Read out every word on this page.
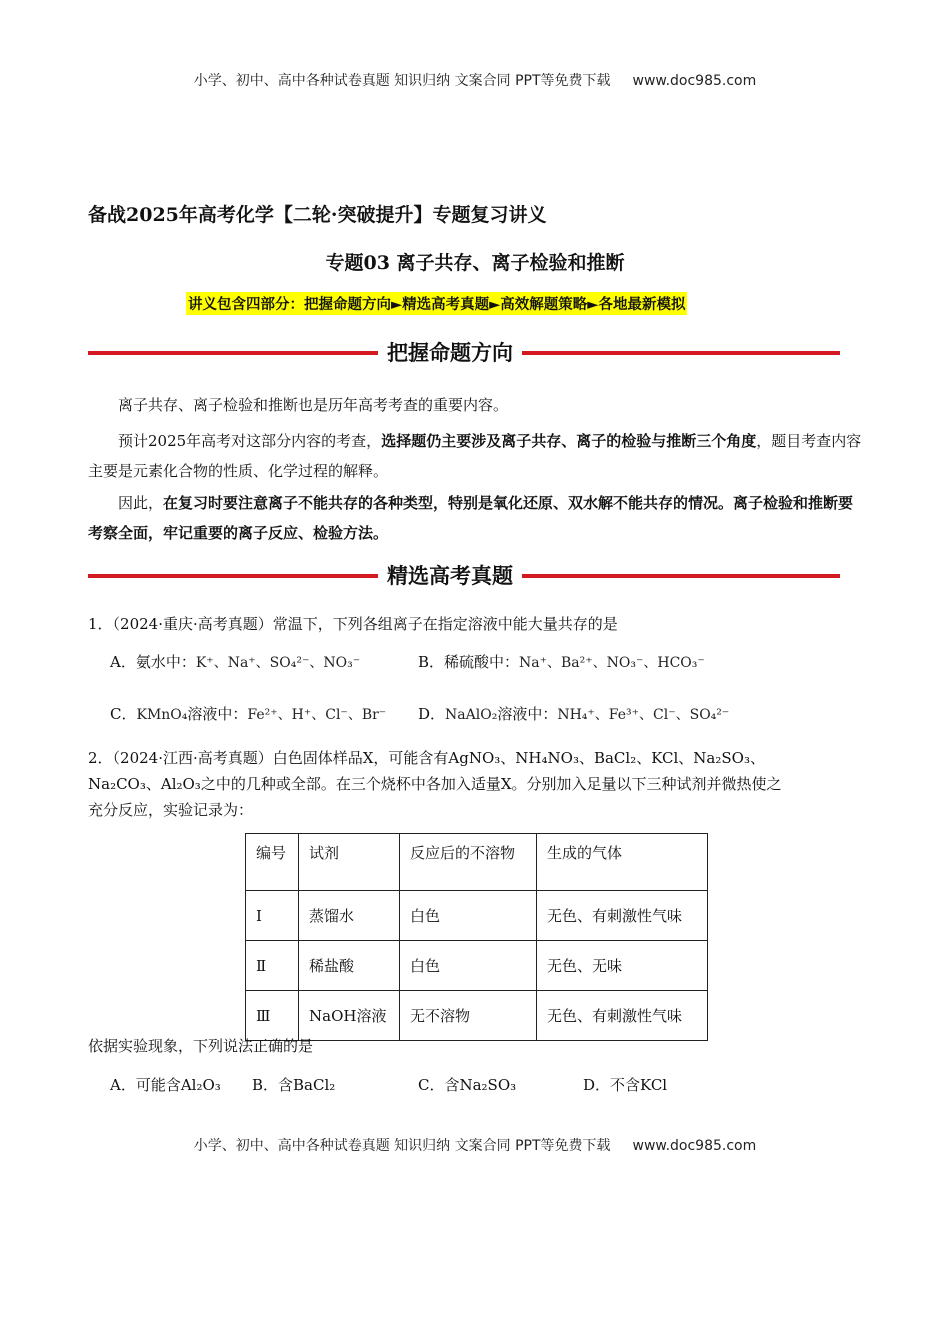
小学、初中、高中各种试卷真题 知识归纳 文案合同 PPT等免费下载 www.doc985.com
备战2025年高考化学【二轮·突破提升】专题复习讲义
专题03 离子共存、离子检验和推断
讲义包含四部分：把握命题方向►精选高考真题►高效解题策略►各地最新模拟
把握命题方向
离子共存、离子检验和推断也是历年高考考查的重要内容。
预计2025年高考对这部分内容的考查，选择题仍主要涉及离子共存、离子的检验与推断三个角度，题目考查内容主要是元素化合物的性质、化学过程的解释。
因此，在复习时要注意离子不能共存的各种类型，特别是氧化还原、双水解不能共存的情况。离子检验和推断要考察全面，牢记重要的离子反应、检验方法。
精选高考真题
1．（2024·重庆·高考真题）常温下，下列各组离子在指定溶液中能大量共存的是
A．氨水中：K⁺、Na⁺、SO₄²⁻、NO₃⁻	B．稀硫酸中：Na⁺、Ba²⁺、NO₃⁻、HCO₃⁻
C．KMnO₄溶液中：Fe²⁺、H⁺、Cl⁻、Br⁻ D．NaAlO₂溶液中：NH₄⁺、Fe³⁺、Cl⁻、SO₄²⁻
2．（2024·江西·高考真题）白色固体样品X，可能含有AgNO₃、NH₄NO₃、BaCl₂、KCl、Na₂SO₃、
Na₂CO₃、Al₂O₃之中的几种或全部。在三个烧杯中各加入适量X。分别加入足量以下三种试剂并微热使之
充分反应，实验记录为：
编号	试剂	反应后的不溶物	生成的气体
Ⅰ	蒸馏水	白色	无色、有刺激性气味
Ⅱ	稀盐酸	白色	无色、无味
Ⅲ	NaOH溶液	无不溶物	无色、有刺激性气味
依据实验现象，下列说法正确的是
A．可能含Al₂O₃ B．含BaCl₂	C．含Na₂SO₃	D．不含KCl
小学、初中、高中各种试卷真题 知识归纳 文案合同 PPT等免费下载 www.doc985.com
